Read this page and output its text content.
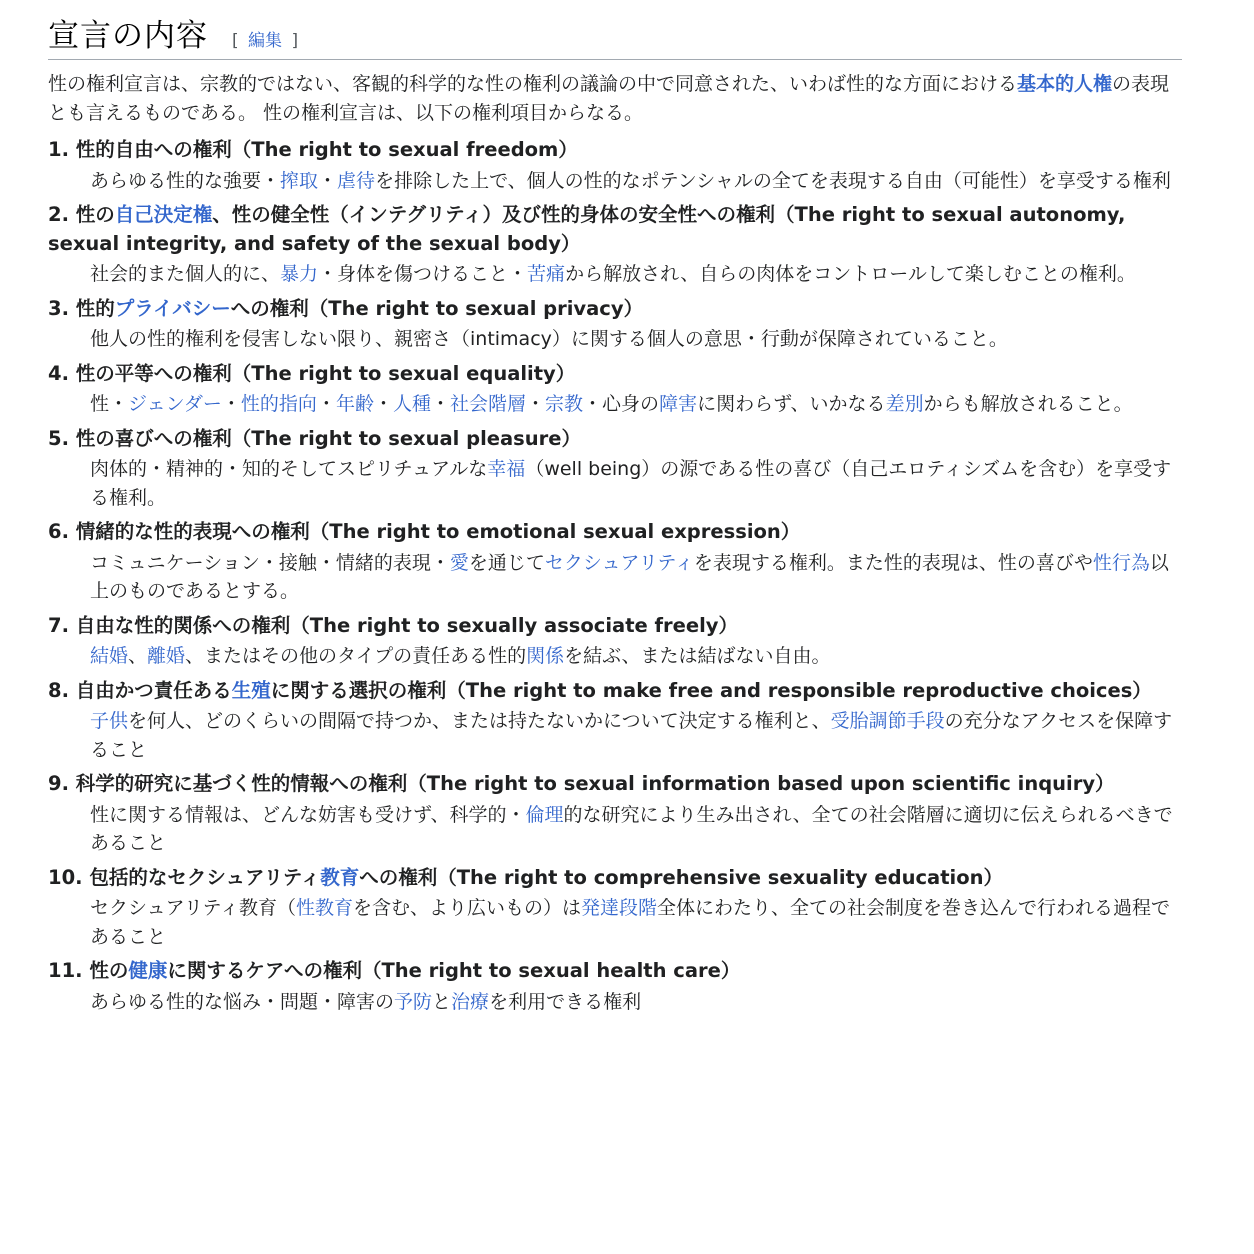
宣言の内容 [ 編集 ]

性の権利宣言は、宗教的ではない、客観的科学的な性の権利の議論の中で同意された、いわば性的な方面における基本的人権の表現とも言えるものである。 性の権利宣言は、以下の権利項目からなる。

1. 性的自由への権利（The right to sexual freedom）
あらゆる性的な強要・搾取・虐待を排除した上で、個人の性的なポテンシャルの全てを表現する自由（可能性）を享受する権利
2. 性の自己決定権、性の健全性（インテグリティ）及び性的身体の安全性への権利（The right to sexual autonomy, sexual integrity, and safety of the sexual body）
社会的また個人的に、暴力・身体を傷つけること・苦痛から解放され、自らの肉体をコントロールして楽しむことの権利。
3. 性的プライバシーへの権利（The right to sexual privacy）
他人の性的権利を侵害しない限り、親密さ（intimacy）に関する個人の意思・行動が保障されていること。
4. 性の平等への権利（The right to sexual equality）
性・ジェンダー・性的指向・年齢・人種・社会階層・宗教・心身の障害に関わらず、いかなる差別からも解放されること。
5. 性の喜びへの権利（The right to sexual pleasure）
肉体的・精神的・知的そしてスピリチュアルな幸福（well being）の源である性の喜び（自己エロティシズムを含む）を享受する権利。
6. 情緒的な性的表現への権利（The right to emotional sexual expression）
コミュニケーション・接触・情緒的表現・愛を通じてセクシュアリティを表現する権利。また性的表現は、性の喜びや性行為以上のものであるとする。
7. 自由な性的関係への権利（The right to sexually associate freely）
結婚、離婚、またはその他のタイプの責任ある性的関係を結ぶ、または結ばない自由。
8. 自由かつ責任ある生殖に関する選択の権利（The right to make free and responsible reproductive choices）
子供を何人、どのくらいの間隔で持つか、または持たないかについて決定する権利と、受胎調節手段の充分なアクセスを保障すること
9. 科学的研究に基づく性的情報への権利（The right to sexual information based upon scientific inquiry）
性に関する情報は、どんな妨害も受けず、科学的・倫理的な研究により生み出され、全ての社会階層に適切に伝えられるべきであること
10. 包括的なセクシュアリティ教育への権利（The right to comprehensive sexuality education）
セクシュアリティ教育（性教育を含む、より広いもの）は発達段階全体にわたり、全ての社会制度を巻き込んで行われる過程であること
11. 性の健康に関するケアへの権利（The right to sexual health care）
あらゆる性的な悩み・問題・障害の予防と治療を利用できる権利
